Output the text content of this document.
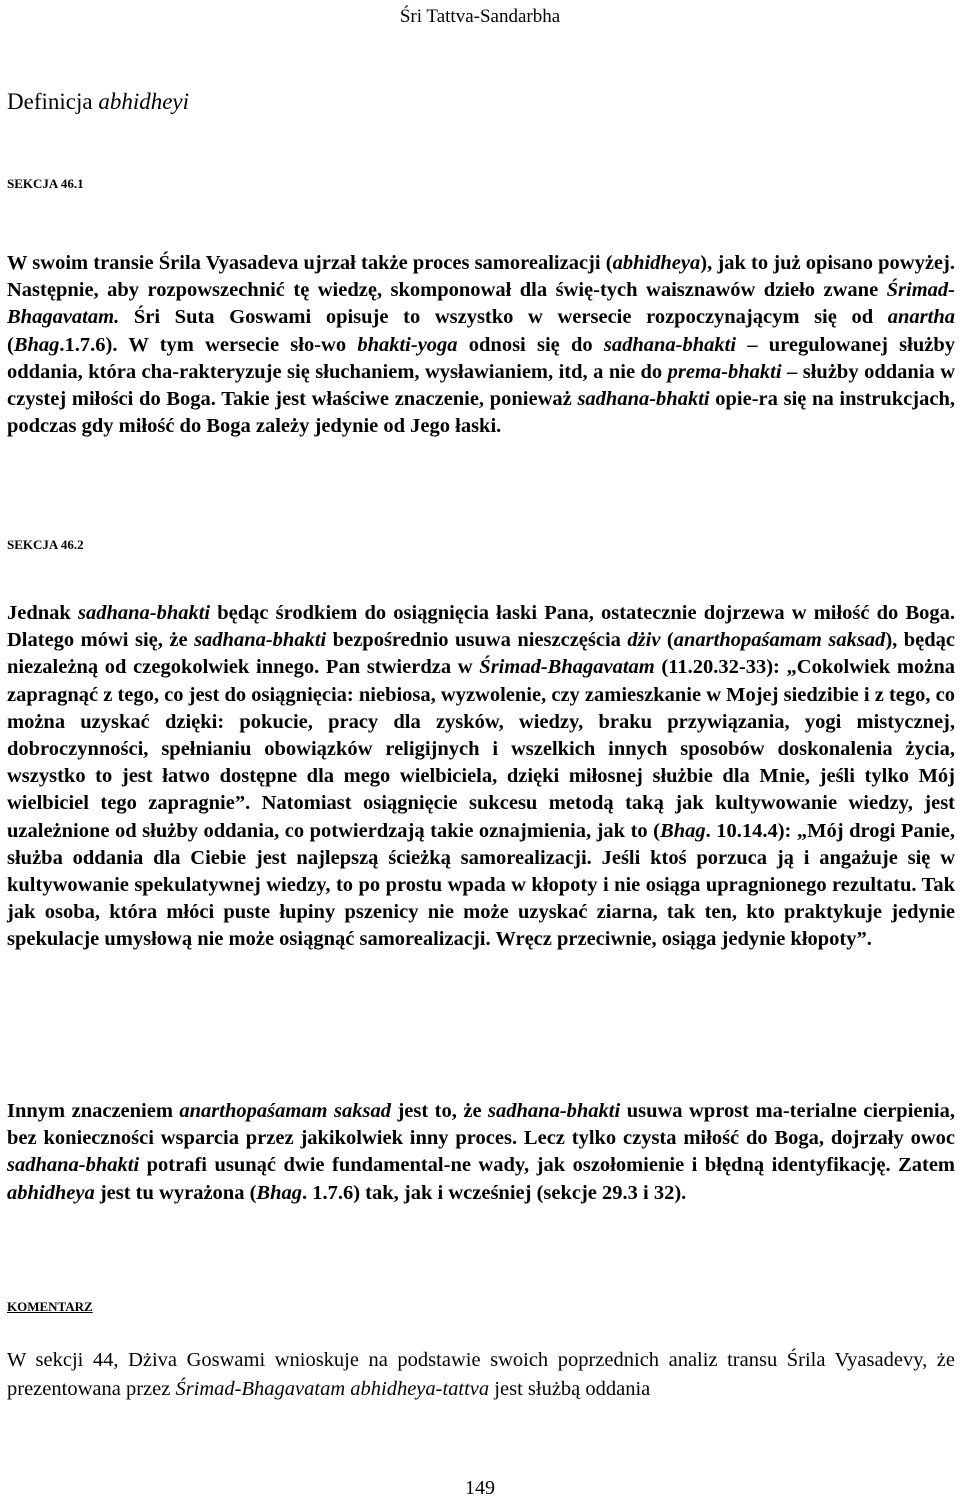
Śri Tattva-Sandarbha
Definicja abhidheyi
SEKCJA 46.1

W swoim transie Śrila Vyasadeva ujrzał także proces samorealizacji (abhidheya), jak to już opisano powyżej. Następnie, aby rozpowszechnić tę wiedzę, skomponował dla świę-tych waisznawów dzieło zwane Śrimad-Bhagavatam. Śri Suta Goswami opisuje to wszystko w wersecie rozpoczynającym się od anartha (Bhag.1.7.6). W tym wersecie sło-wo bhakti-yoga odnosi się do sadhana-bhakti – uregulowanej służby oddania, która cha-rakteryzuje się słuchaniem, wysławianiem, itd, a nie do prema-bhakti – służby oddania w czystej miłości do Boga. Takie jest właściwe znaczenie, ponieważ sadhana-bhakti opie-ra się na instrukcjach, podczas gdy miłość do Boga zależy jedynie od Jego łaski.

SEKCJA 46.2

Jednak sadhana-bhakti będąc środkiem do osiągnięcia łaski Pana, ostatecznie dojrzewa w miłość do Boga. Dlatego mówi się, że sadhana-bhakti bezpośrednio usuwa nieszczęścia dżiv (anarthopaśamam saksad), będąc niezależną od czegokolwiek innego. Pan stwierdza w Śrimad-Bhagavatam (11.20.32-33): „Cokolwiek można zapragnąć z tego, co jest do osiągnięcia: niebiosa, wyzwolenie, czy zamieszkanie w Mojej siedzibie i z tego, co można uzyskać dzięki: pokucie, pracy dla zysków, wiedzy, braku przywiązania, yogi mistycznej, dobroczynności, spełnianiu obowiązków religijnych i wszelkich innych sposobów doskonalenia życia, wszystko to jest łatwo dostępne dla mego wielbiciela, dzięki miłosnej służbie dla Mnie, jeśli tylko Mój wielbiciel tego zapragnie”. Natomiast osiągnięcie sukcesu metodą taką jak kultywowanie wiedzy, jest uzależnione od służby oddania, co potwierdzają takie oznajmienia, jak to (Bhag. 10.14.4): „Mój drogi Panie, służba oddania dla Ciebie jest najlepszą ścieżką samorealizacji. Jeśli ktoś porzuca ją i angażuje się w kultywowanie spekulatywnej wiedzy, to po prostu wpada w kłopoty i nie osiąga upragnionego rezultatu. Tak jak osoba, która młóci puste łupiny pszenicy nie może uzyskać ziarna, tak ten, kto praktykuje jedynie spekulacje umysłową nie może osiągnąć samorealizacji. Wręcz przeciwnie, osiąga jedynie kłopoty”.

Innym znaczeniem anarthopaśamam saksad jest to, że sadhana-bhakti usuwa wprost ma-terialne cierpienia, bez konieczności wsparcia przez jakikolwiek inny proces. Lecz tylko czysta miłość do Boga, dojrzały owoc sadhana-bhakti potrafi usunąć dwie fundamental-ne wady, jak oszołomienie i błędną identyfikację. Zatem abhidheya jest tu wyrażona (Bhag. 1.7.6) tak, jak i wcześniej (sekcje 29.3 i 32).

KOMENTARZ

W sekcji 44, Dżiva Goswami wnioskuje na podstawie swoich poprzednich analiz transu Śrila Vyasadevy, że prezentowana przez Śrimad-Bhagavatam abhidheya-tattva jest służbą oddania

149
